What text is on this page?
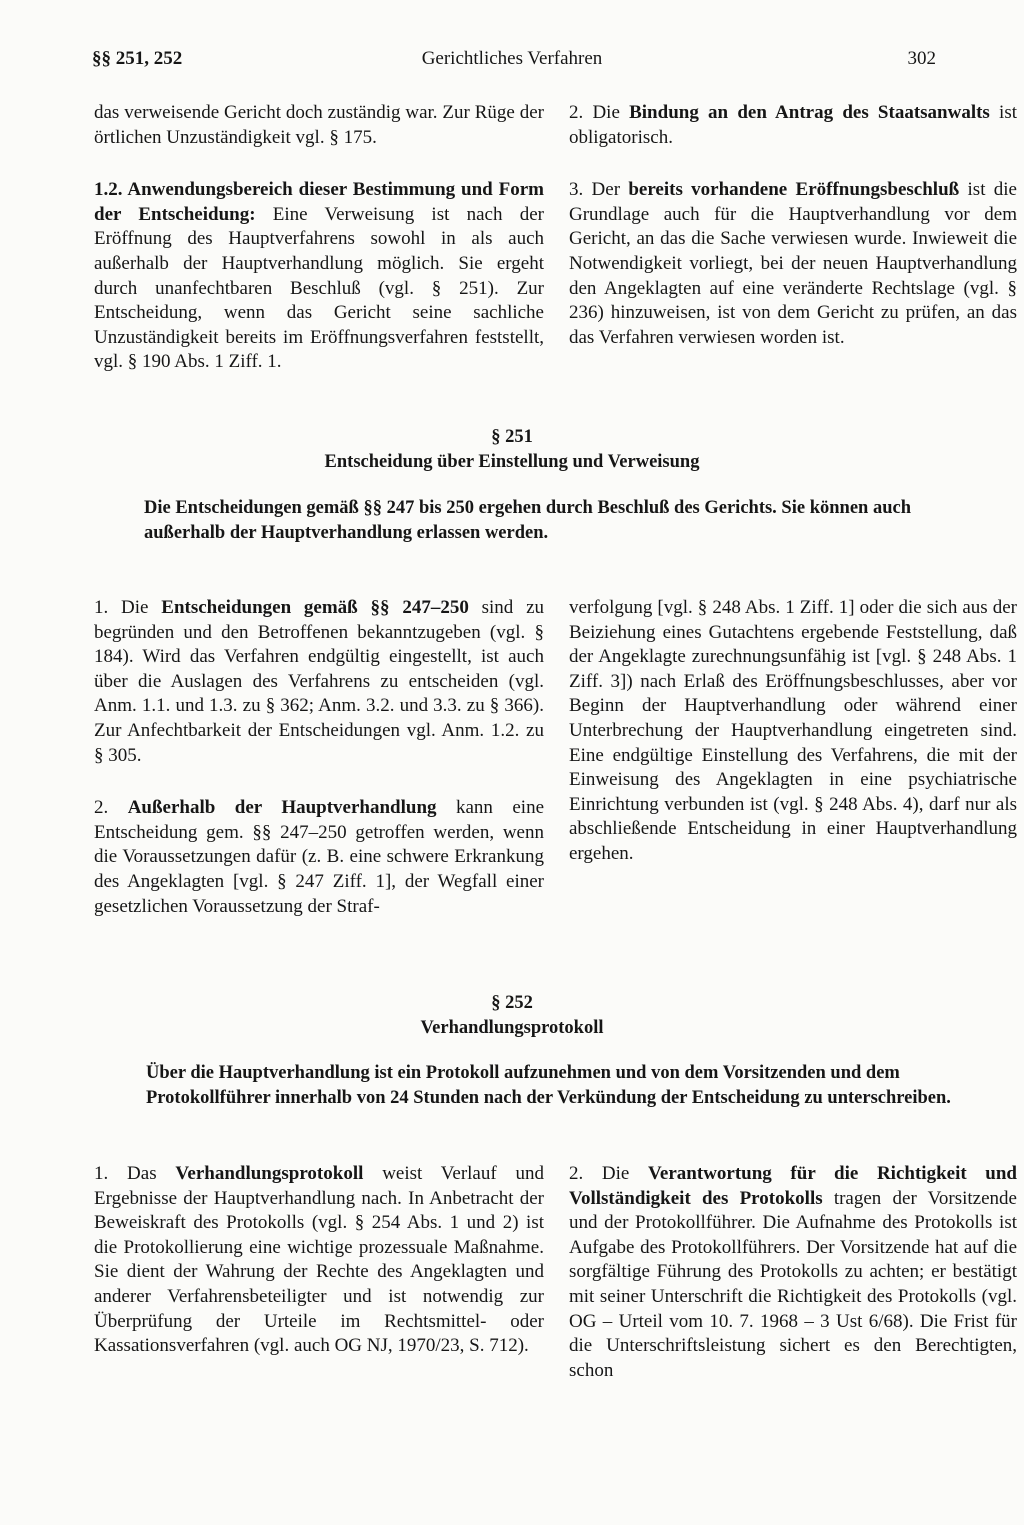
§§ 251, 252	Gerichtliches Verfahren	302

das verweisende Gericht doch zuständig war. Zur Rüge der örtlichen Unzuständigkeit vgl. § 175.

1.2. Anwendungsbereich dieser Bestimmung und Form der Entscheidung: Eine Verweisung ist nach der Eröffnung des Hauptverfahrens sowohl in als auch außerhalb der Hauptverhandlung möglich. Sie ergeht durch unanfechtbaren Beschluß (vgl. § 251). Zur Entscheidung, wenn das Gericht seine sachliche Unzuständigkeit bereits im Eröffnungsverfahren feststellt, vgl. § 190 Abs. 1 Ziff. 1.

2. Die Bindung an den Antrag des Staatsanwalts ist obligatorisch.

3. Der bereits vorhandene Eröffnungsbeschluß ist die Grundlage auch für die Hauptverhandlung vor dem Gericht, an das die Sache verwiesen wurde. Inwieweit die Notwendigkeit vorliegt, bei der neuen Hauptverhandlung den Angeklagten auf eine veränderte Rechtslage (vgl. § 236) hinzuweisen, ist von dem Gericht zu prüfen, an das das Verfahren verwiesen worden ist.

§ 251
Entscheidung über Einstellung und Verweisung
Die Entscheidungen gemäß §§ 247 bis 250 ergehen durch Beschluß des Gerichts. Sie können auch außerhalb der Hauptverhandlung erlassen werden.

1. Die Entscheidungen gemäß §§ 247–250 sind zu begründen und den Betroffenen bekanntzugeben (vgl. § 184). Wird das Verfahren endgültig eingestellt, ist auch über die Auslagen des Verfahrens zu entscheiden (vgl. Anm. 1.1. und 1.3. zu § 362; Anm. 3.2. und 3.3. zu § 366). Zur Anfechtbarkeit der Entscheidungen vgl. Anm. 1.2. zu § 305.

2. Außerhalb der Hauptverhandlung kann eine Entscheidung gem. §§ 247–250 getroffen werden, wenn die Voraussetzungen dafür (z. B. eine schwere Erkrankung des Angeklagten [vgl. § 247 Ziff. 1], der Wegfall einer gesetzlichen Voraussetzung der Straf-

verfolgung [vgl. § 248 Abs. 1 Ziff. 1] oder die sich aus der Beiziehung eines Gutachtens ergebende Feststellung, daß der Angeklagte zurechnungsunfähig ist [vgl. § 248 Abs. 1 Ziff. 3]) nach Erlaß des Eröffnungsbeschlusses, aber vor Beginn der Hauptverhandlung oder während einer Unterbrechung der Hauptverhandlung eingetreten sind. Eine endgültige Einstellung des Verfahrens, die mit der Einweisung des Angeklagten in eine psychiatrische Einrichtung verbunden ist (vgl. § 248 Abs. 4), darf nur als abschließende Entscheidung in einer Hauptverhandlung ergehen.

§ 252
Verhandlungsprotokoll
Über die Hauptverhandlung ist ein Protokoll aufzunehmen und von dem Vorsitzenden und dem Protokollführer innerhalb von 24 Stunden nach der Verkündung der Entscheidung zu unterschreiben.

1. Das Verhandlungsprotokoll weist Verlauf und Ergebnisse der Hauptverhandlung nach. In Anbetracht der Beweiskraft des Protokolls (vgl. § 254 Abs. 1 und 2) ist die Protokollierung eine wichtige prozessuale Maßnahme. Sie dient der Wahrung der Rechte des Angeklagten und anderer Verfahrensbeteiligter und ist notwendig zur Überprüfung der Urteile im Rechtsmittel- oder Kassationsverfahren (vgl. auch OG NJ, 1970/23, S. 712).

2. Die Verantwortung für die Richtigkeit und Vollständigkeit des Protokolls tragen der Vorsitzende und der Protokollführer. Die Aufnahme des Protokolls ist Aufgabe des Protokollführers. Der Vorsitzende hat auf die sorgfältige Führung des Protokolls zu achten; er bestätigt mit seiner Unterschrift die Richtigkeit des Protokolls (vgl. OG – Urteil vom 10. 7. 1968 – 3 Ust 6/68). Die Frist für die Unterschriftsleistung sichert es den Berechtigten, schon
